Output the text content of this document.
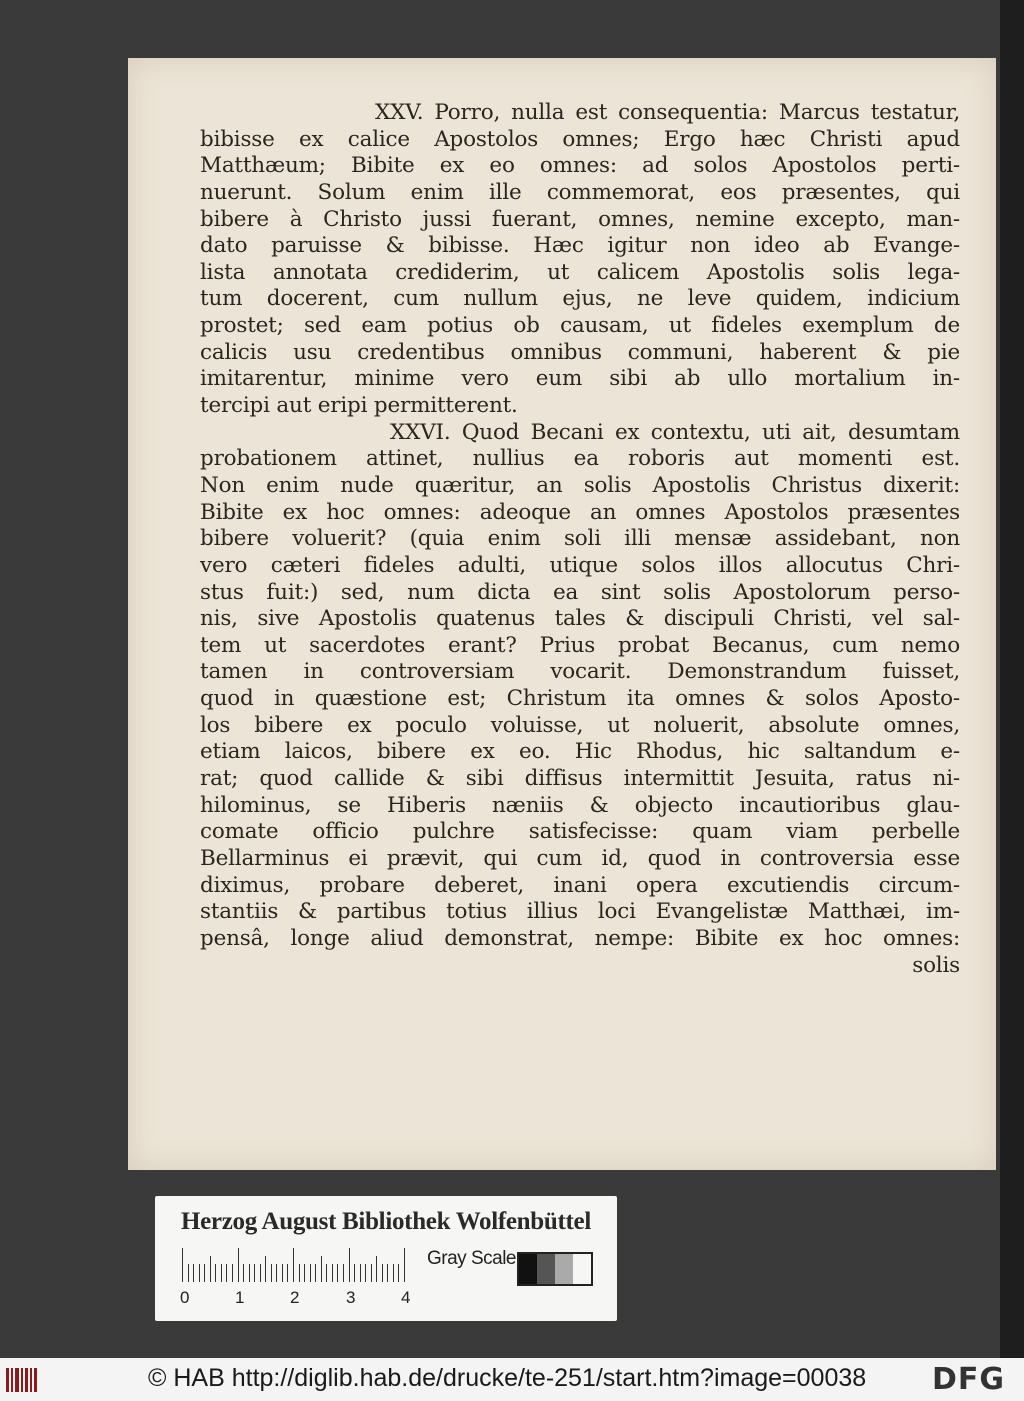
XXV. Porro, nulla est consequentia: Marcus testatur,
bibisse ex calice Apostolos omnes; Ergo hæc Christi apud
Matthæum; Bibite ex eo omnes: ad solos Apostolos perti-
nuerunt. Solum enim ille commemorat, eos præsentes, qui
bibere à Christo jussi fuerant, omnes, nemine excepto, man-
dato paruisse & bibisse. Hæc igitur non ideo ab Evange-
lista annotata crediderim, ut calicem Apostolis solis lega-
tum docerent, cum nullum ejus, ne leve quidem, indicium
prostet; sed eam potius ob causam, ut fideles exemplum de
calicis usu credentibus omnibus communi, haberent & pie
imitarentur, minime vero eum sibi ab ullo mortalium in-
tercipi aut eripi permitterent.
XXVI. Quod Becani ex contextu, uti ait, desumtam
probationem attinet, nullius ea roboris aut momenti est.
Non enim nude quæritur, an solis Apostolis Christus dixerit:
Bibite ex hoc omnes: adeoque an omnes Apostolos præsentes
bibere voluerit? (quia enim soli illi mensæ assidebant, non
vero cæteri fideles adulti, utique solos illos allocutus Chri-
stus fuit:) sed, num dicta ea sint solis Apostolorum perso-
nis, sive Apostolis quatenus tales & discipuli Christi, vel sal-
tem ut sacerdotes erant? Prius probat Becanus, cum nemo
tamen in controversiam vocarit. Demonstrandum fuisset,
quod in quæstione est; Christum ita omnes & solos Aposto-
los bibere ex poculo voluisse, ut noluerit, absolute omnes,
etiam laicos, bibere ex eo. Hic Rhodus, hic saltandum e-
rat; quod callide & sibi diffisus intermittit Jesuita, ratus ni-
hilominus, se Hiberis næniis & objecto incautioribus glau-
comate officio pulchre satisfecisse: quam viam perbelle
Bellarminus ei prævit, qui cum id, quod in controversia esse
diximus, probare deberet, inani opera excutiendis circum-
stantiis & partibus totius illius loci Evangelistæ Matthæi, im-
pensâ, longe aliud demonstrat, nempe: Bibite ex hoc omnes:
solis
Herzog August Bibliothek Wolfenbüttel
0	1	2	3	4
Gray Scale
© HAB http://diglib.hab.de/drucke/te-251/start.htm?image=00038 DFG
